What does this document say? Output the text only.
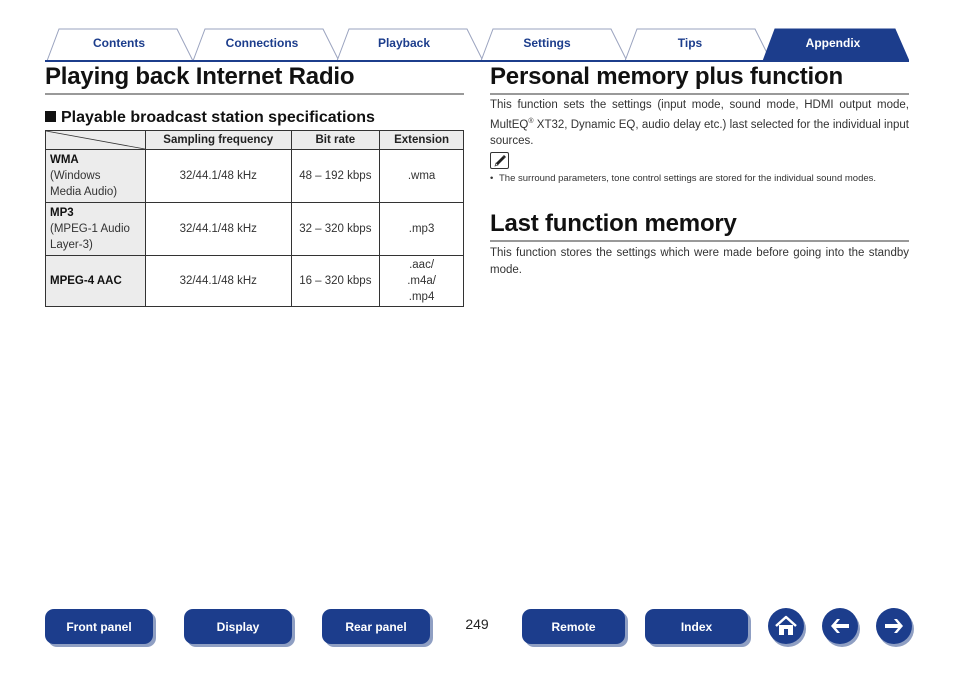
Contents	Connections	Playback	Settings	Tips	Appendix
Playing back Internet Radio
Playable broadcast station specifications
	Sampling frequency	Bit rate	Extension
WMA
(Windows
Media Audio)	32/44.1/48 kHz	48 – 192 kbps	.wma
MP3
(MPEG-1 Audio
Layer-3)	32/44.1/48 kHz	32 – 320 kbps	.mp3
MPEG-4 AAC	32/44.1/48 kHz	16 – 320 kbps	.aac/
.m4a/
.mp4
Personal memory plus function
This function sets the settings (input mode, sound mode, HDMI output mode, MultEQ® XT32, Dynamic EQ, audio delay etc.) last selected for the individual input sources.
• The surround parameters, tone control settings are stored for the individual sound modes.
Last function memory
This function stores the settings which were made before going into the standby mode.
Front panel	Display	Rear panel	249	Remote	Index
